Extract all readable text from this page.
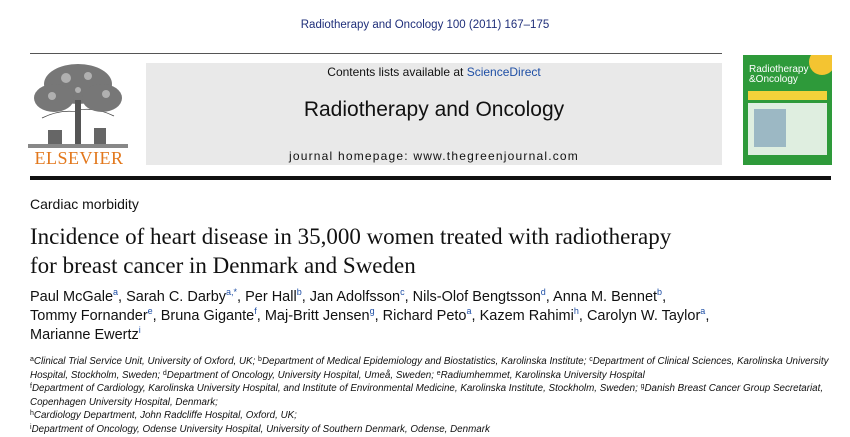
Radiotherapy and Oncology 100 (2011) 167–175
ELSEVIER
Contents lists available at ScienceDirect
Radiotherapy and Oncology
journal homepage: www.thegreenjournal.com
Radiotherapy
&Oncology
Cardiac morbidity
Incidence of heart disease in 35,000 women treated with radiotherapy
for breast cancer in Denmark and Sweden
Paul McGale$^a$, Sarah C. Darby$^{a,*}$, Per Hall$^b$, Jan Adolfsson$^c$, Nils-Olof Bengtsson$^d$, Anna M. Bennet$^b$,
Tommy Fornander$^e$, Bruna Gigante$^f$, Maj-Britt Jensen$^g$, Richard Peto$^a$, Kazem Rahimi$^h$, Carolyn W. Taylor$^a$,
Marianne Ewertz$^i$
$^a$Clinical Trial Service Unit, University of Oxford, UK; $^b$Department of Medical Epidemiology and Biostatistics, Karolinska Institute; $^c$Department of Clinical Sciences, Karolinska University Hospital, Stockholm, Sweden; $^d$Department of Oncology, University Hospital, Umeå, Sweden; $^e$Radiumhemmet, Karolinska University Hospital
$^f$Department of Cardiology, Karolinska University Hospital, and Institute of Environmental Medicine, Karolinska Institute, Stockholm, Sweden; $^g$Danish Breast Cancer Group Secretariat, Copenhagen University Hospital, Denmark;
$^h$Cardiology Department, John Radcliffe Hospital, Oxford, UK;
$^i$Department of Oncology, Odense University Hospital, University of Southern Denmark, Odense, Denmark
